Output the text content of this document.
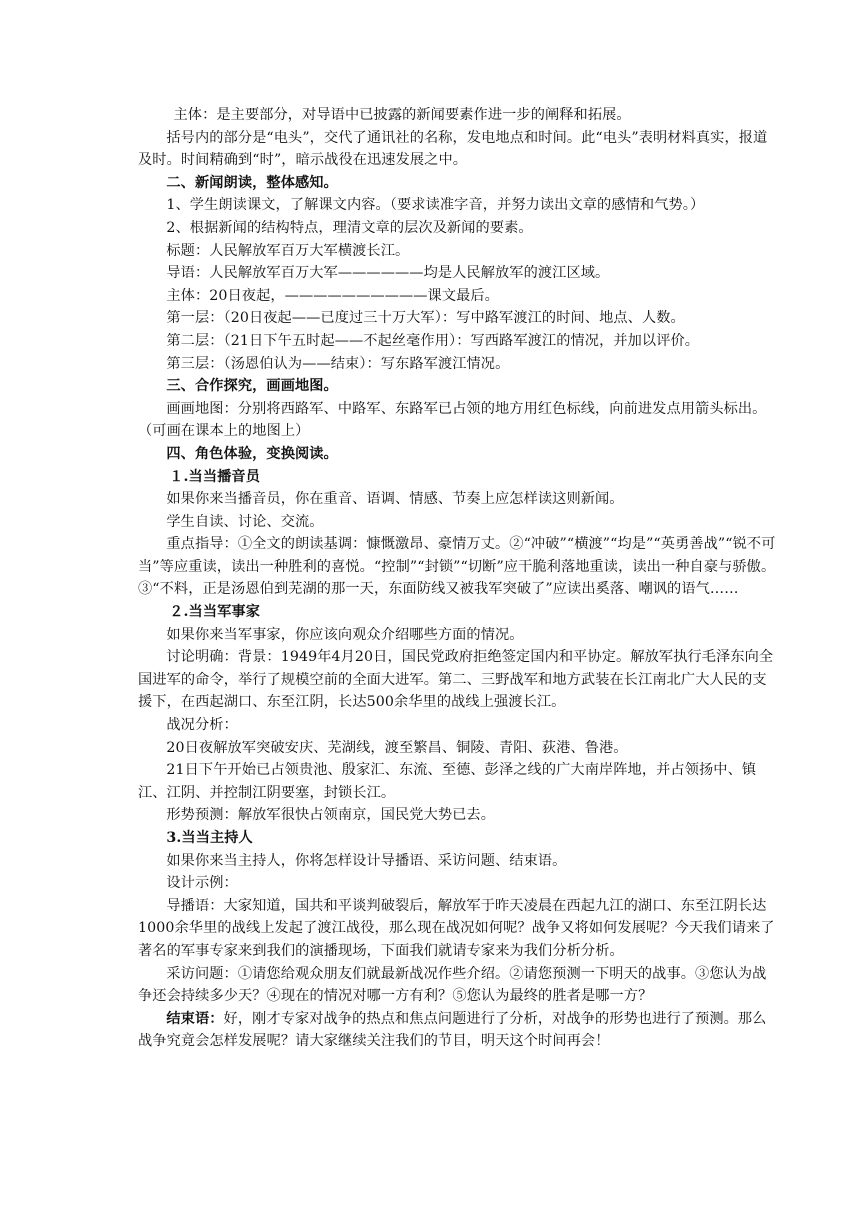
主体：是主要部分，对导语中已披露的新闻要素作进一步的阐释和拓展。

括号内的部分是“电头”，交代了通讯社的名称，发电地点和时间。此“电头”表明材料真实，报道及时。时间精确到“时”，暗示战役在迅速发展之中。

二、新闻朗读，整体感知。

1、学生朗读课文，了解课文内容。（要求读准字音，并努力读出文章的感情和气势。）

2、根据新闻的结构特点，理清文章的层次及新闻的要素。

标题：人民解放军百万大军横渡长江。

导语：人民解放军百万大军——————均是人民解放军的渡江区域。

主体：20日夜起，——————————课文最后。

第一层：（20日夜起——已度过三十万大军）：写中路军渡江的时间、地点、人数。

第二层：（21日下午五时起——不起丝毫作用）：写西路军渡江的情况，并加以评价。

第三层：（汤恩伯认为——结束）：写东路军渡江情况。

三、合作探究，画画地图。

画画地图：分别将西路军、中路军、东路军已占领的地方用红色标线，向前进发点用箭头标出。（可画在课本上的地图上）

四、角色体验，变换阅读。

１.当当播音员

如果你来当播音员，你在重音、语调、情感、节奏上应怎样读这则新闻。

学生自读、讨论、交流。

重点指导：①全文的朗读基调：慷慨激昂、豪情万丈。②“冲破”“横渡”“均是”“英勇善战”“锐不可当”等应重读，读出一种胜利的喜悦。“控制”“封锁”“切断”应干脆利落地重读，读出一种自豪与骄傲。③“不料，正是汤恩伯到芜湖的那一天，东面防线又被我军突破了”应读出奚落、嘲讽的语气……

２.当当军事家

如果你来当军事家，你应该向观众介绍哪些方面的情况。

讨论明确：背景：1949年4月20日，国民党政府拒绝签定国内和平协定。解放军执行毛泽东向全国进军的命令，举行了规模空前的全面大进军。第二、三野战军和地方武装在长江南北广大人民的支援下，在西起湖口、东至江阴，长达500余华里的战线上强渡长江。

战况分析：

20日夜解放军突破安庆、芜湖线，渡至繁昌、铜陵、青阳、荻港、鲁港。

21日下午开始已占领贵池、殷家汇、东流、至德、彭泽之线的广大南岸阵地，并占领扬中、镇江、江阴、并控制江阴要塞，封锁长江。

形势预测：解放军很快占领南京，国民党大势已去。

3.当当主持人

如果你来当主持人，你将怎样设计导播语、采访问题、结束语。

设计示例：

导播语：大家知道，国共和平谈判破裂后，解放军于昨天凌晨在西起九江的湖口、东至江阴长达1000余华里的战线上发起了渡江战役，那么现在战况如何呢？战争又将如何发展呢？今天我们请来了著名的军事专家来到我们的演播现场，下面我们就请专家来为我们分析分析。

采访问题：①请您给观众朋友们就最新战况作些介绍。②请您预测一下明天的战事。③您认为战争还会持续多少天？④现在的情况对哪一方有利？⑤您认为最终的胜者是哪一方？

结束语：好，刚才专家对战争的热点和焦点问题进行了分析，对战争的形势也进行了预测。那么战争究竟会怎样发展呢？请大家继续关注我们的节目，明天这个时间再会！
